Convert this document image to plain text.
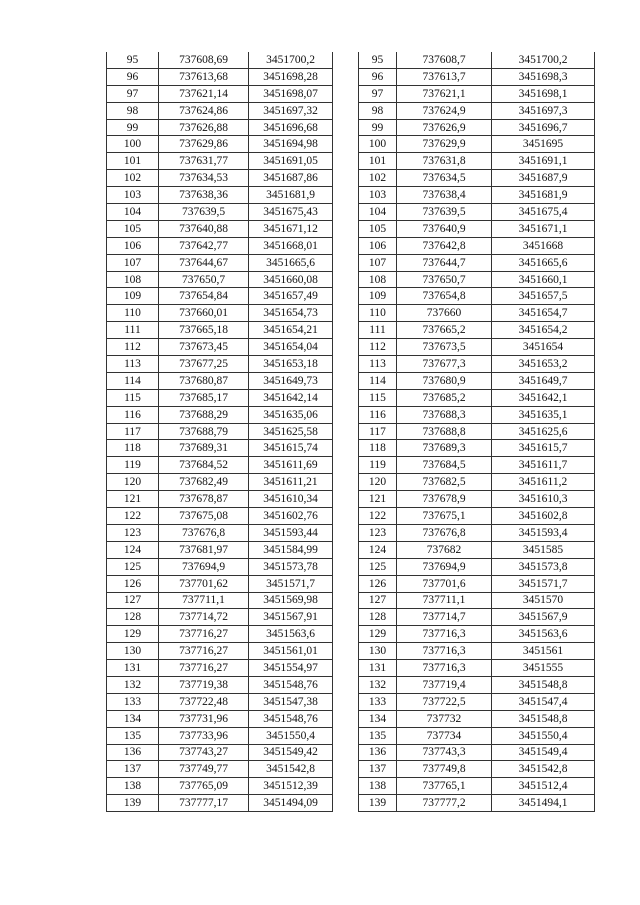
95	737608,69	3451700,2
96	737613,68	3451698,28
97	737621,14	3451698,07
98	737624,86	3451697,32
99	737626,88	3451696,68
100	737629,86	3451694,98
101	737631,77	3451691,05
102	737634,53	3451687,86
103	737638,36	3451681,9
104	737639,5	3451675,43
105	737640,88	3451671,12
106	737642,77	3451668,01
107	737644,67	3451665,6
108	737650,7	3451660,08
109	737654,84	3451657,49
110	737660,01	3451654,73
111	737665,18	3451654,21
112	737673,45	3451654,04
113	737677,25	3451653,18
114	737680,87	3451649,73
115	737685,17	3451642,14
116	737688,29	3451635,06
117	737688,79	3451625,58
118	737689,31	3451615,74
119	737684,52	3451611,69
120	737682,49	3451611,21
121	737678,87	3451610,34
122	737675,08	3451602,76
123	737676,8	3451593,44
124	737681,97	3451584,99
125	737694,9	3451573,78
126	737701,62	3451571,7
127	737711,1	3451569,98
128	737714,72	3451567,91
129	737716,27	3451563,6
130	737716,27	3451561,01
131	737716,27	3451554,97
132	737719,38	3451548,76
133	737722,48	3451547,38
134	737731,96	3451548,76
135	737733,96	3451550,4
136	737743,27	3451549,42
137	737749,77	3451542,8
138	737765,09	3451512,39
139	737777,17	3451494,09
95	737608,7	3451700,2
96	737613,7	3451698,3
97	737621,1	3451698,1
98	737624,9	3451697,3
99	737626,9	3451696,7
100	737629,9	3451695
101	737631,8	3451691,1
102	737634,5	3451687,9
103	737638,4	3451681,9
104	737639,5	3451675,4
105	737640,9	3451671,1
106	737642,8	3451668
107	737644,7	3451665,6
108	737650,7	3451660,1
109	737654,8	3451657,5
110	737660	3451654,7
111	737665,2	3451654,2
112	737673,5	3451654
113	737677,3	3451653,2
114	737680,9	3451649,7
115	737685,2	3451642,1
116	737688,3	3451635,1
117	737688,8	3451625,6
118	737689,3	3451615,7
119	737684,5	3451611,7
120	737682,5	3451611,2
121	737678,9	3451610,3
122	737675,1	3451602,8
123	737676,8	3451593,4
124	737682	3451585
125	737694,9	3451573,8
126	737701,6	3451571,7
127	737711,1	3451570
128	737714,7	3451567,9
129	737716,3	3451563,6
130	737716,3	3451561
131	737716,3	3451555
132	737719,4	3451548,8
133	737722,5	3451547,4
134	737732	3451548,8
135	737734	3451550,4
136	737743,3	3451549,4
137	737749,8	3451542,8
138	737765,1	3451512,4
139	737777,2	3451494,1
